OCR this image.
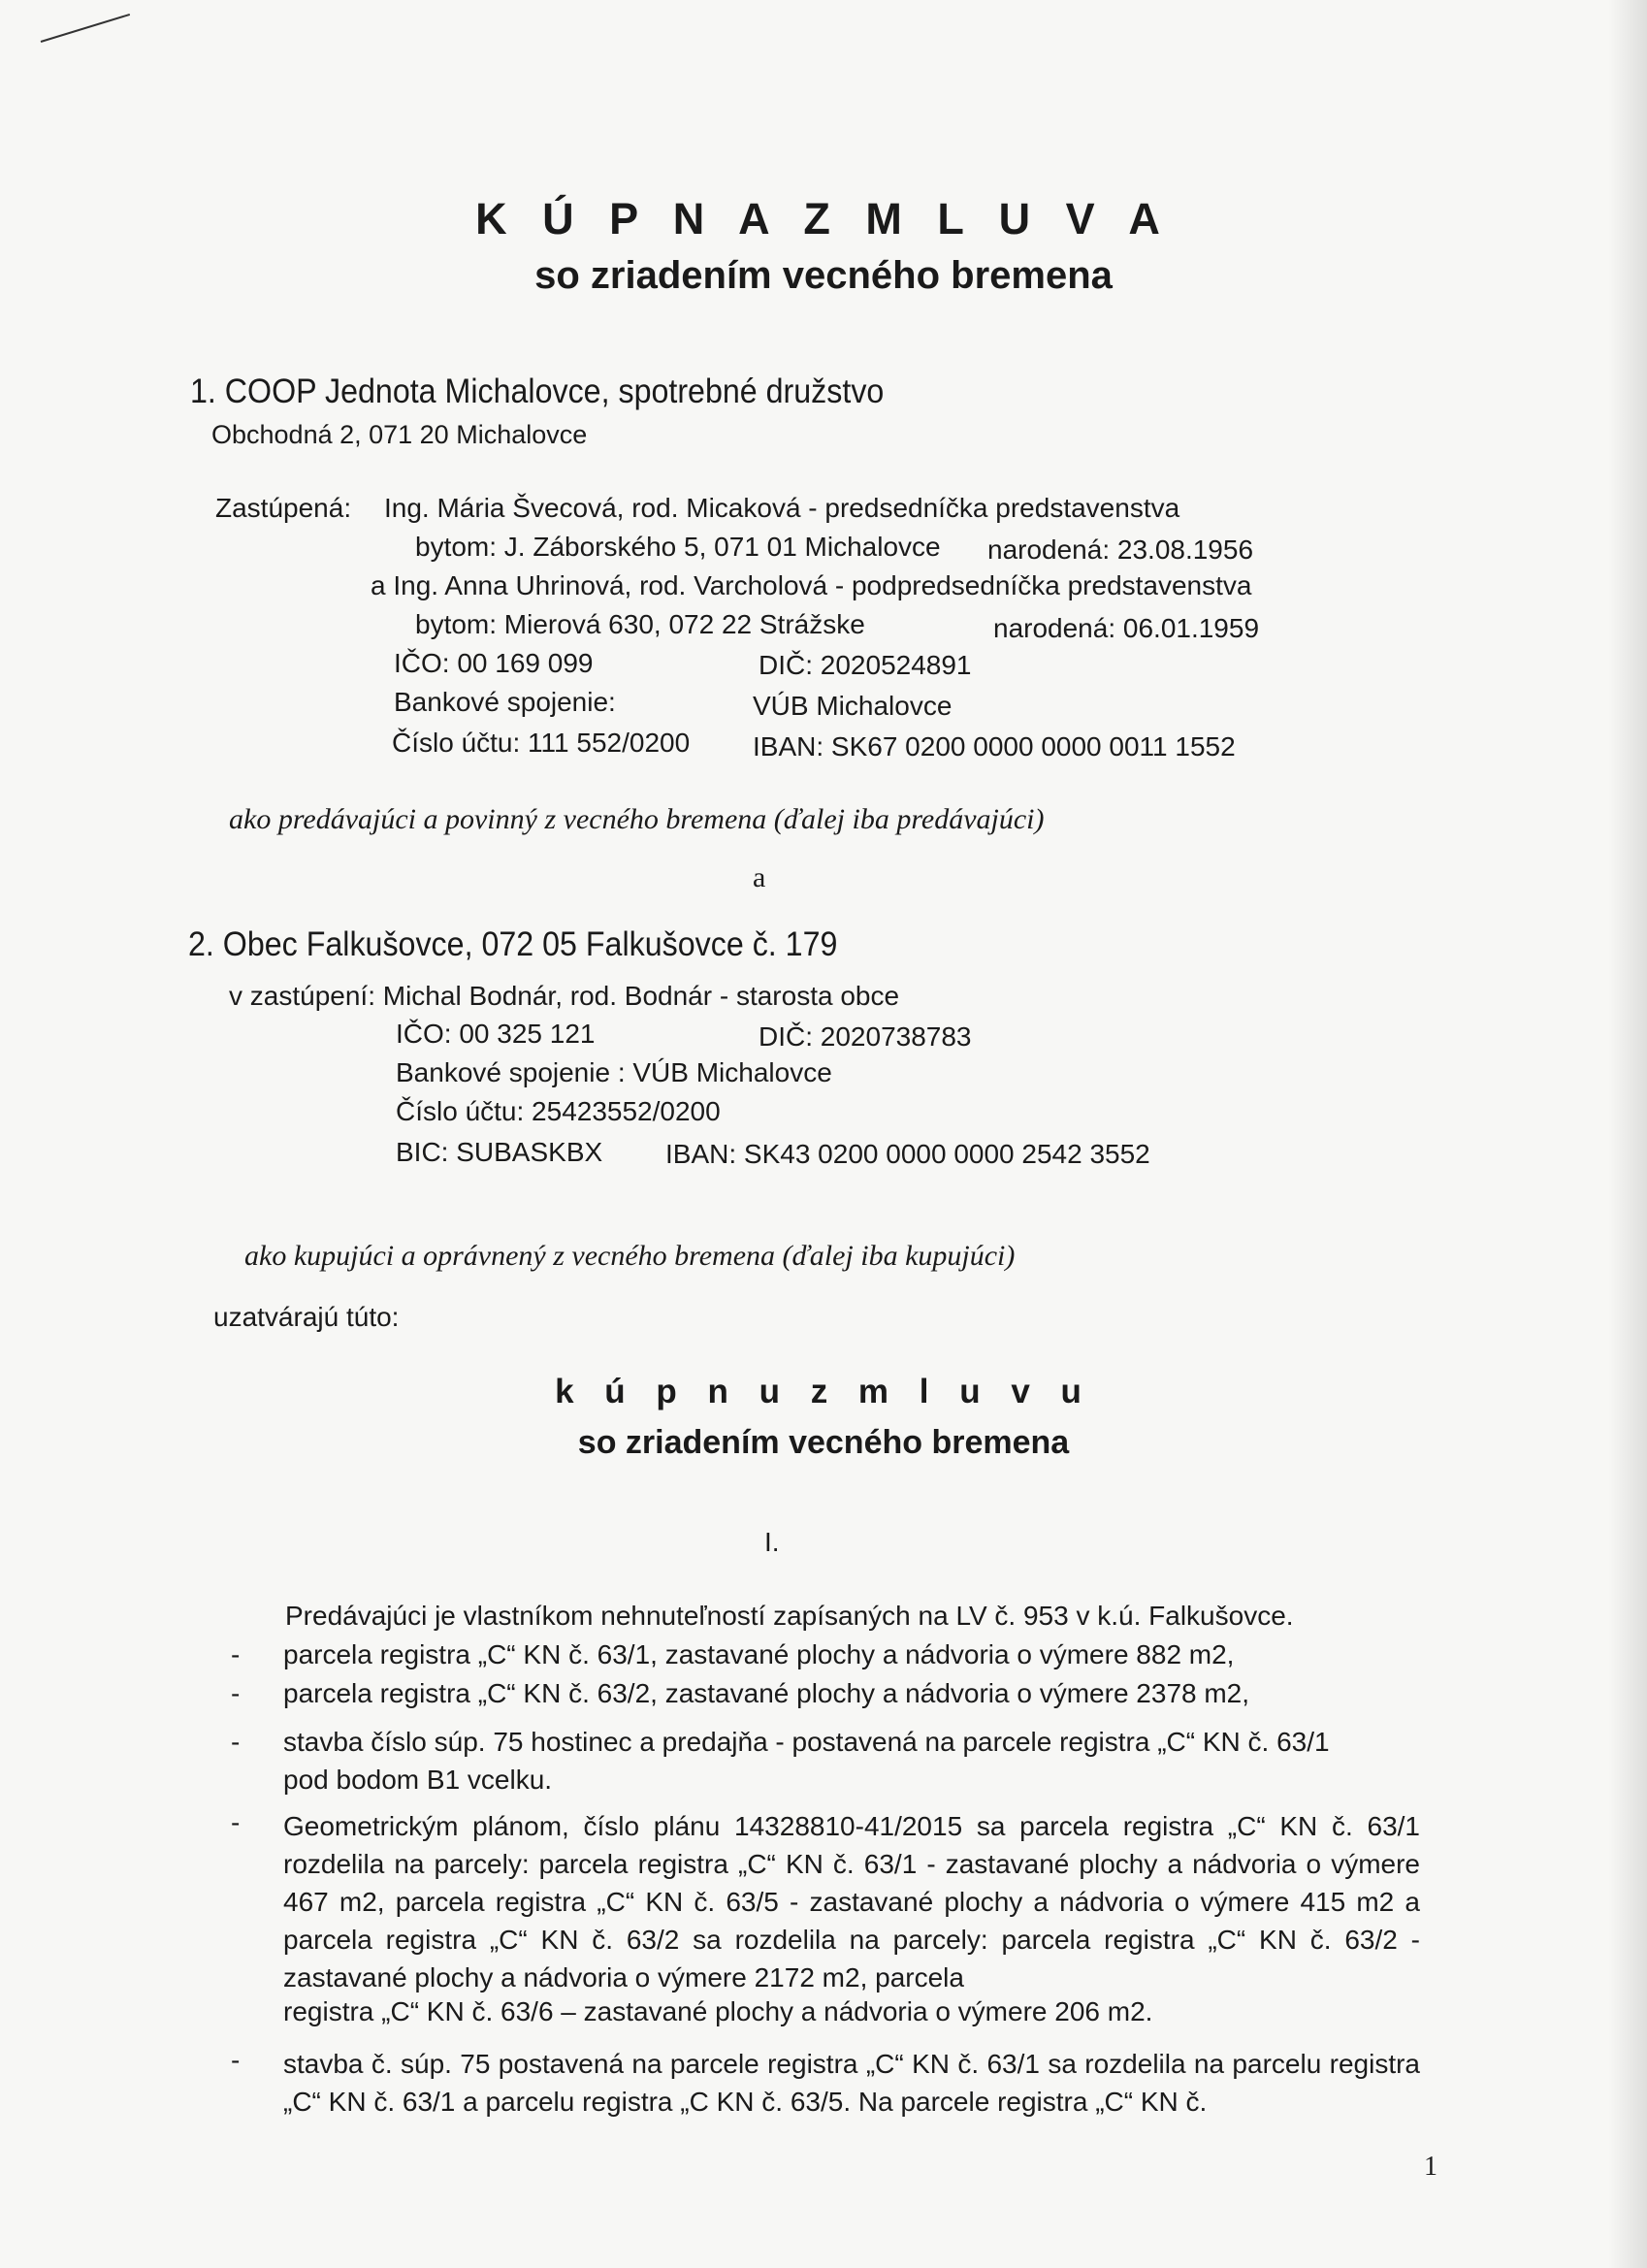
K Ú P N A Z M L U V A
so zriadením vecného bremena
1. COOP Jednota Michalovce, spotrebné družstvo
Obchodná 2, 071 20 Michalovce
Zastúpená: Ing. Mária Švecová, rod. Micaková - predsedníčka predstavenstva
bytom: J. Záborského 5, 071 01 Michalovce narodená: 23.08.1956
a Ing. Anna Uhrinová, rod. Varcholová - podpredsedníčka predstavenstva
bytom: Mierová 630, 072 22 Strážske	narodená: 06.01.1959
IČO: 00 169 099	DIČ: 2020524891
Bankové spojenie:	VÚB Michalovce
Číslo účtu: 111 552/0200 IBAN: SK67 0200 0000 0000 0011 1552
ako predávajúci a povinný z vecného bremena (ďalej iba predávajúci)
a
2. Obec Falkušovce, 072 05 Falkušovce č. 179
v zastúpení: Michal Bodnár, rod. Bodnár - starosta obce
IČO: 00 325 121	DIČ: 2020738783
Bankové spojenie : VÚB Michalovce
Číslo účtu: 25423552/0200
BIC: SUBASKBX IBAN: SK43 0200 0000 0000 2542 3552
ako kupujúci a oprávnený z vecného bremena (ďalej iba kupujúci)
uzatvárajú túto:
k ú p n u z m l u v u
so zriadením vecného bremena
I.
Predávajúci je vlastníkom nehnuteľností zapísaných na LV č. 953 v k.ú. Falkušovce.
- parcela registra „C“ KN č. 63/1, zastavané plochy a nádvoria o výmere 882 m2,
- parcela registra „C“ KN č. 63/2, zastavané plochy a nádvoria o výmere 2378 m2,
- stavba číslo súp. 75 hostinec a predajňa - postavená na parcele registra „C“ KN č. 63/1
pod bodom B1 vcelku.
- Geometrickým plánom, číslo plánu 14328810-41/2015 sa parcela registra „C“ KN č. 63/1 rozdelila na parcely: parcela registra „C“ KN č. 63/1 - zastavané plochy a nádvoria o výmere 467 m2, parcela registra „C“ KN č. 63/5 - zastavané plochy a nádvoria o výmere 415 m2 a parcela registra „C“ KN č. 63/2 sa rozdelila na parcely: parcela registra „C“ KN č. 63/2 - zastavané plochy a nádvoria o výmere 2172 m2, parcela
registra „C“ KN č. 63/6 – zastavané plochy a nádvoria o výmere 206 m2.
- stavba č. súp. 75 postavená na parcele registra „C“ KN č. 63/1 sa rozdelila na parcelu registra „C“ KN č. 63/1 a parcelu registra „C KN č. 63/5. Na parcele registra „C“ KN č.
1
